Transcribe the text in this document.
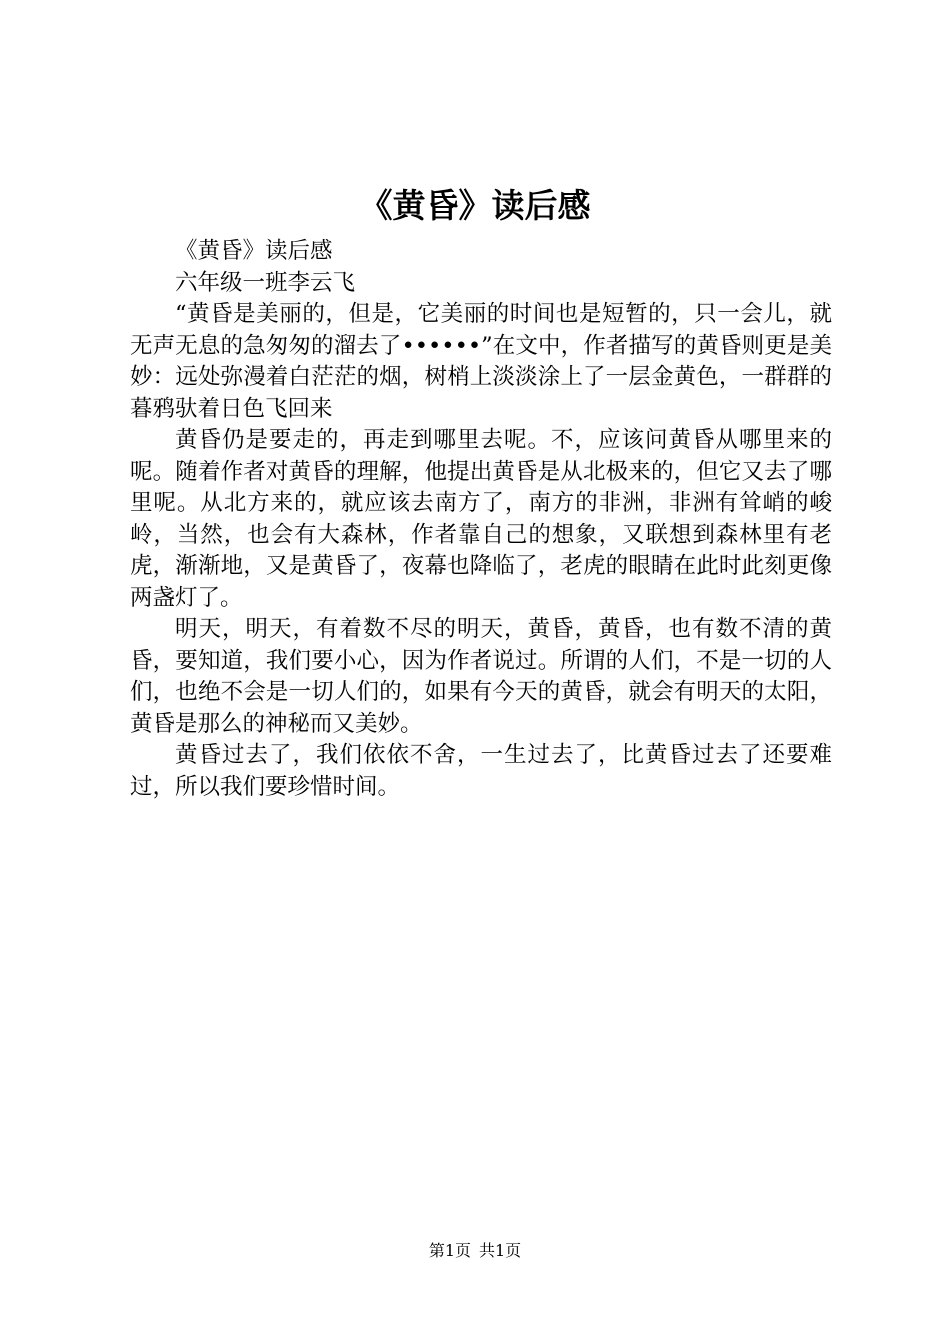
《黄昏》读后感

《黄昏》读后感

六年级一班李云飞

“黄昏是美丽的，但是，它美丽的时间也是短暂的，只一会儿，就无声无息的急匆匆的溜去了••••••”在文中，作者描写的黄昏则更是美妙：远处弥漫着白茫茫的烟，树梢上淡淡涂上了一层金黄色，一群群的暮鸦驮着日色飞回来

黄昏仍是要走的，再走到哪里去呢。不，应该问黄昏从哪里来的呢。随着作者对黄昏的理解，他提出黄昏是从北极来的，但它又去了哪里呢。从北方来的，就应该去南方了，南方的非洲，非洲有耸峭的峻岭，当然，也会有大森林，作者靠自己的想象，又联想到森林里有老虎，渐渐地，又是黄昏了，夜幕也降临了，老虎的眼睛在此时此刻更像两盏灯了。

明天，明天，有着数不尽的明天，黄昏，黄昏，也有数不清的黄昏，要知道，我们要小心，因为作者说过。所谓的人们，不是一切的人们，也绝不会是一切人们的，如果有今天的黄昏，就会有明天的太阳，黄昏是那么的神秘而又美妙。

黄昏过去了，我们依依不舍，一生过去了，比黄昏过去了还要难过，所以我们要珍惜时间。

第1页 共1页
